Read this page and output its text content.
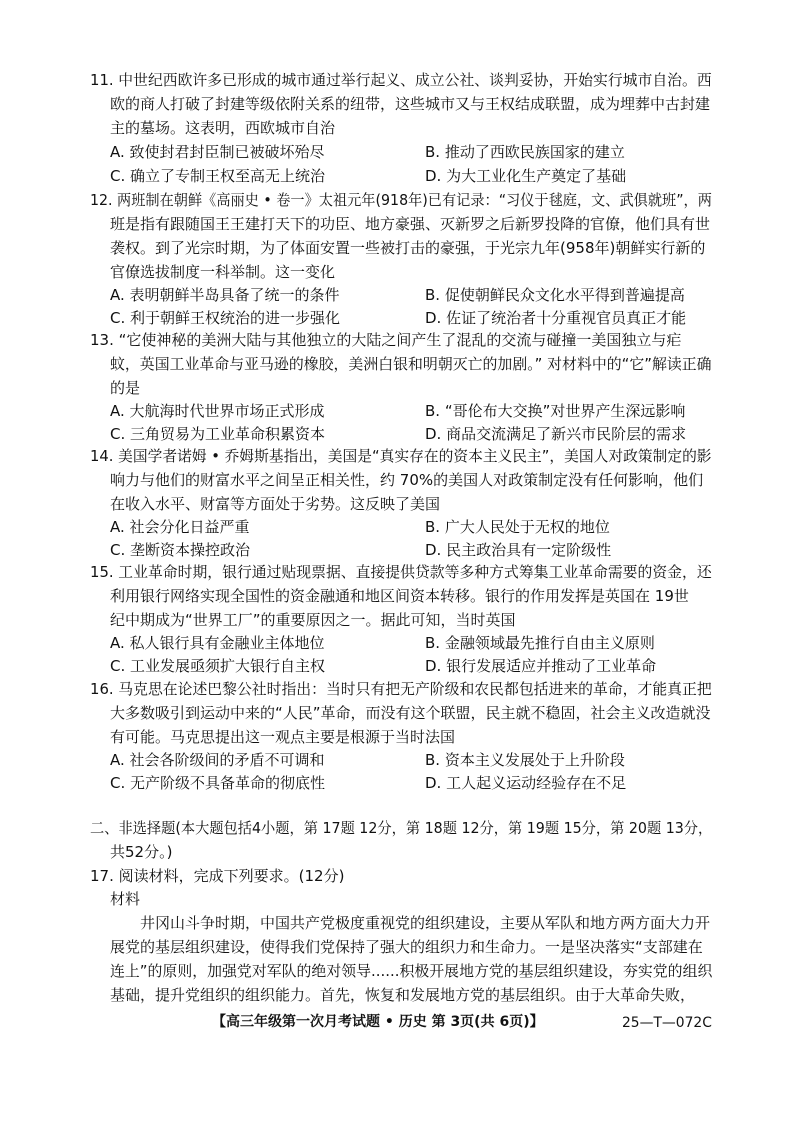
11. 中世纪西欧许多已形成的城市通过举行起义、成立公社、谈判妥协，开始实行城市自治。西
欧的商人打破了封建等级依附关系的纽带，这些城市又与王权结成联盟，成为埋葬中古封建
主的墓场。这表明，西欧城市自治
A. 致使封君封臣制已被破坏殆尽	B. 推动了西欧民族国家的建立
C. 确立了专制王权至高无上统治	D. 为大工业化生产奠定了基础
12. 两班制在朝鲜《高丽史 • 卷一》太祖元年(918年)已有记录：“习仪于毬庭，文、武俱就班”，两
班是指有跟随国王王建打天下的功臣、地方豪强、灭新罗之后新罗投降的官僚，他们具有世
袭权。到了光宗时期，为了体面安置一些被打击的豪强，于光宗九年(958年)朝鲜实行新的
官僚选拔制度一科举制。这一变化
A. 表明朝鲜半岛具备了统一的条件	B. 促使朝鲜民众文化水平得到普遍提高
C. 利于朝鲜王权统治的进一步强化	D. 佐证了统治者十分重视官员真正才能
13. “它使神秘的美洲大陆与其他独立的大陆之间产生了混乱的交流与碰撞一美国独立与疟
蚊，英国工业革命与亚马逊的橡胶，美洲白银和明朝灭亡的加剧。” 对材料中的“它”解读正确
的是
A. 大航海时代世界市场正式形成	B. “哥伦布大交换”对世界产生深远影响
C. 三角贸易为工业革命积累资本	D. 商品交流满足了新兴市民阶层的需求
14. 美国学者诺姆 • 乔姆斯基指出，美国是“真实存在的资本主义民主”，美国人对政策制定的影
响力与他们的财富水平之间呈正相关性，约 70%的美国人对政策制定没有任何影响，他们
在收入水平、财富等方面处于劣势。这反映了美国
A. 社会分化日益严重	B. 广大人民处于无权的地位
C. 垄断资本操控政治	D. 民主政治具有一定阶级性
15. 工业革命时期，银行通过贴现票据、直接提供贷款等多种方式筹集工业革命需要的资金，还
利用银行网络实现全国性的资金融通和地区间资本转移。银行的作用发挥是英国在 19世
纪中期成为“世界工厂”的重要原因之一。据此可知，当时英国
A. 私人银行具有金融业主体地位	B. 金融领域最先推行自由主义原则
C. 工业发展亟须扩大银行自主权	D. 银行发展适应并推动了工业革命
16. 马克思在论述巴黎公社时指出：当时只有把无产阶级和农民都包括进来的革命，才能真正把
大多数吸引到运动中来的“人民”革命，而没有这个联盟，民主就不稳固，社会主义改造就没
有可能。马克思提出这一观点主要是根源于当时法国
A. 社会各阶级间的矛盾不可调和	B. 资本主义发展处于上升阶段
C. 无产阶级不具备革命的彻底性	D. 工人起义运动经验存在不足
二、非选择题(本大题包括4小题，第 17题 12分，第 18题 12分，第 19题 15分，第 20题 13分，
共52分。)
17. 阅读材料，完成下列要求。(12分)
材料
井冈山斗争时期，中国共产党极度重视党的组织建设，主要从军队和地方两方面大力开
展党的基层组织建设，使得我们党保持了强大的组织力和生命力。一是坚决落实“支部建在
连上”的原则，加强党对军队的绝对领导......积极开展地方党的基层组织建设，夯实党的组织
基础，提升党组织的组织能力。首先，恢复和发展地方党的基层组织。由于大革命失败，
【高三年级第一次月考试题 • 历史 第 3页(共 6页)】	25—T—072C
